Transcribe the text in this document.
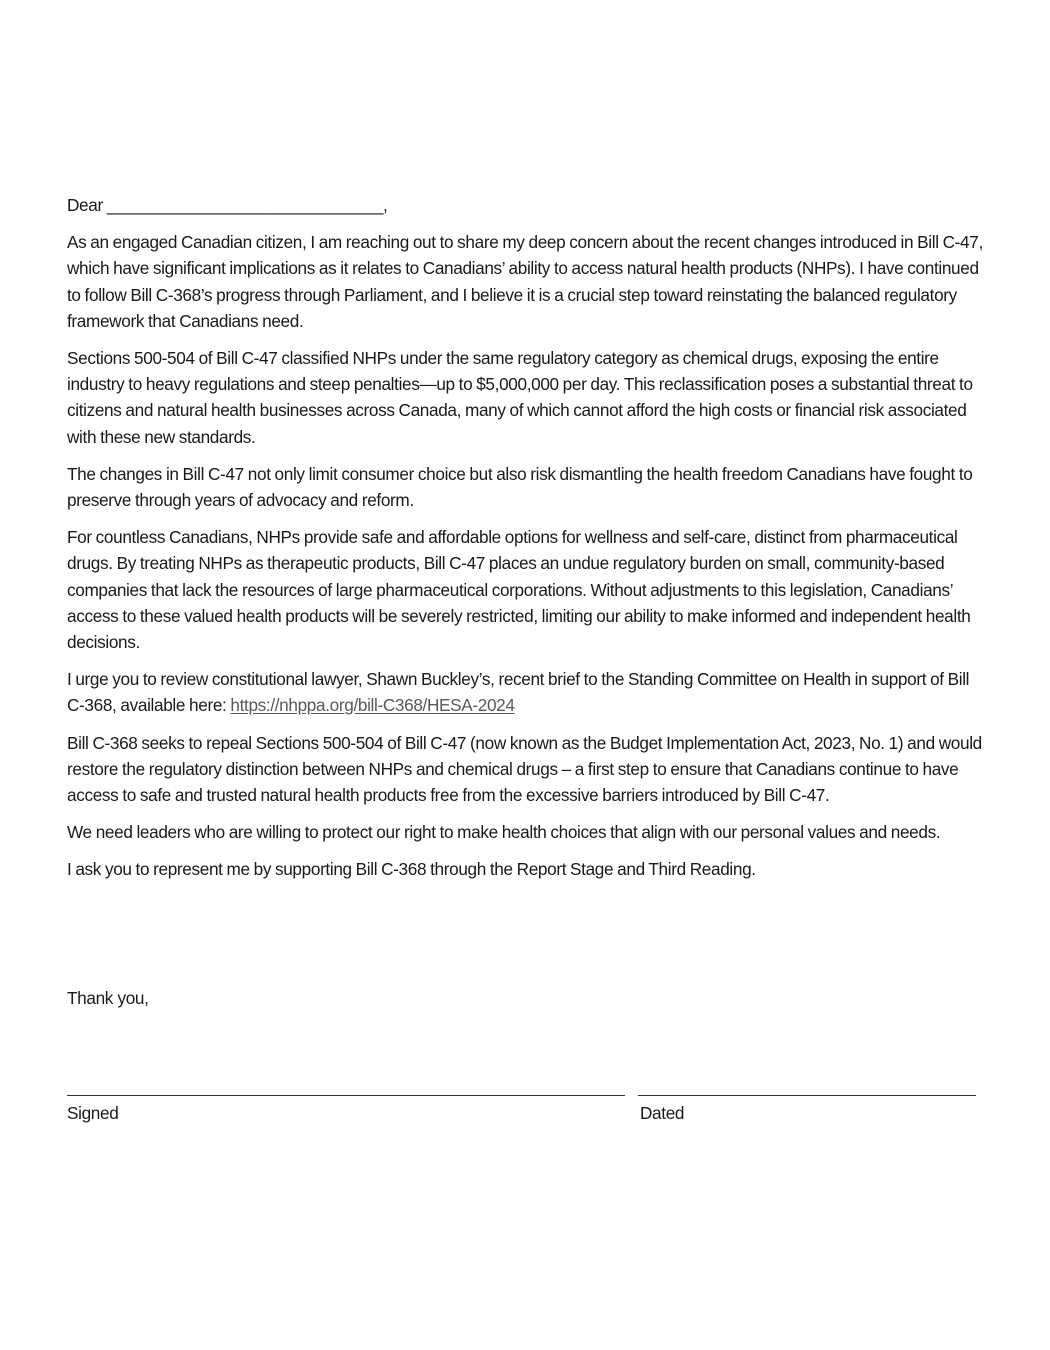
Dear ______________________________,

As an engaged Canadian citizen, I am reaching out to share my deep concern about the recent changes introduced in Bill C-47, which have significant implications as it relates to Canadians’ ability to access natural health products (NHPs). I have continued to follow Bill C-368’s progress through Parliament, and I believe it is a crucial step toward reinstating the balanced regulatory framework that Canadians need.

Sections 500-504 of Bill C-47 classified NHPs under the same regulatory category as chemical drugs, exposing the entire industry to heavy regulations and steep penalties—up to $5,000,000 per day. This reclassification poses a substantial threat to citizens and natural health businesses across Canada, many of which cannot afford the high costs or financial risk associated with these new standards.

The changes in Bill C-47 not only limit consumer choice but also risk dismantling the health freedom Canadians have fought to preserve through years of advocacy and reform.

For countless Canadians, NHPs provide safe and affordable options for wellness and self-care, distinct from pharmaceutical drugs. By treating NHPs as therapeutic products, Bill C-47 places an undue regulatory burden on small, community-based companies that lack the resources of large pharmaceutical corporations. Without adjustments to this legislation, Canadians’ access to these valued health products will be severely restricted, limiting our ability to make informed and independent health decisions.

I urge you to review constitutional lawyer, Shawn Buckley’s, recent brief to the Standing Committee on Health in support of Bill C-368, available here: https://nhppa.org/bill-C368/HESA-2024

Bill C-368 seeks to repeal Sections 500-504 of Bill C-47 (now known as the Budget Implementation Act, 2023, No. 1) and would restore the regulatory distinction between NHPs and chemical drugs – a first step to ensure that Canadians continue to have access to safe and trusted natural health products free from the excessive barriers introduced by Bill C-47.

We need leaders who are willing to protect our right to make health choices that align with our personal values and needs.

I ask you to represent me by supporting Bill C-368 through the Report Stage and Third Reading.

Thank you,
Signed	Dated
